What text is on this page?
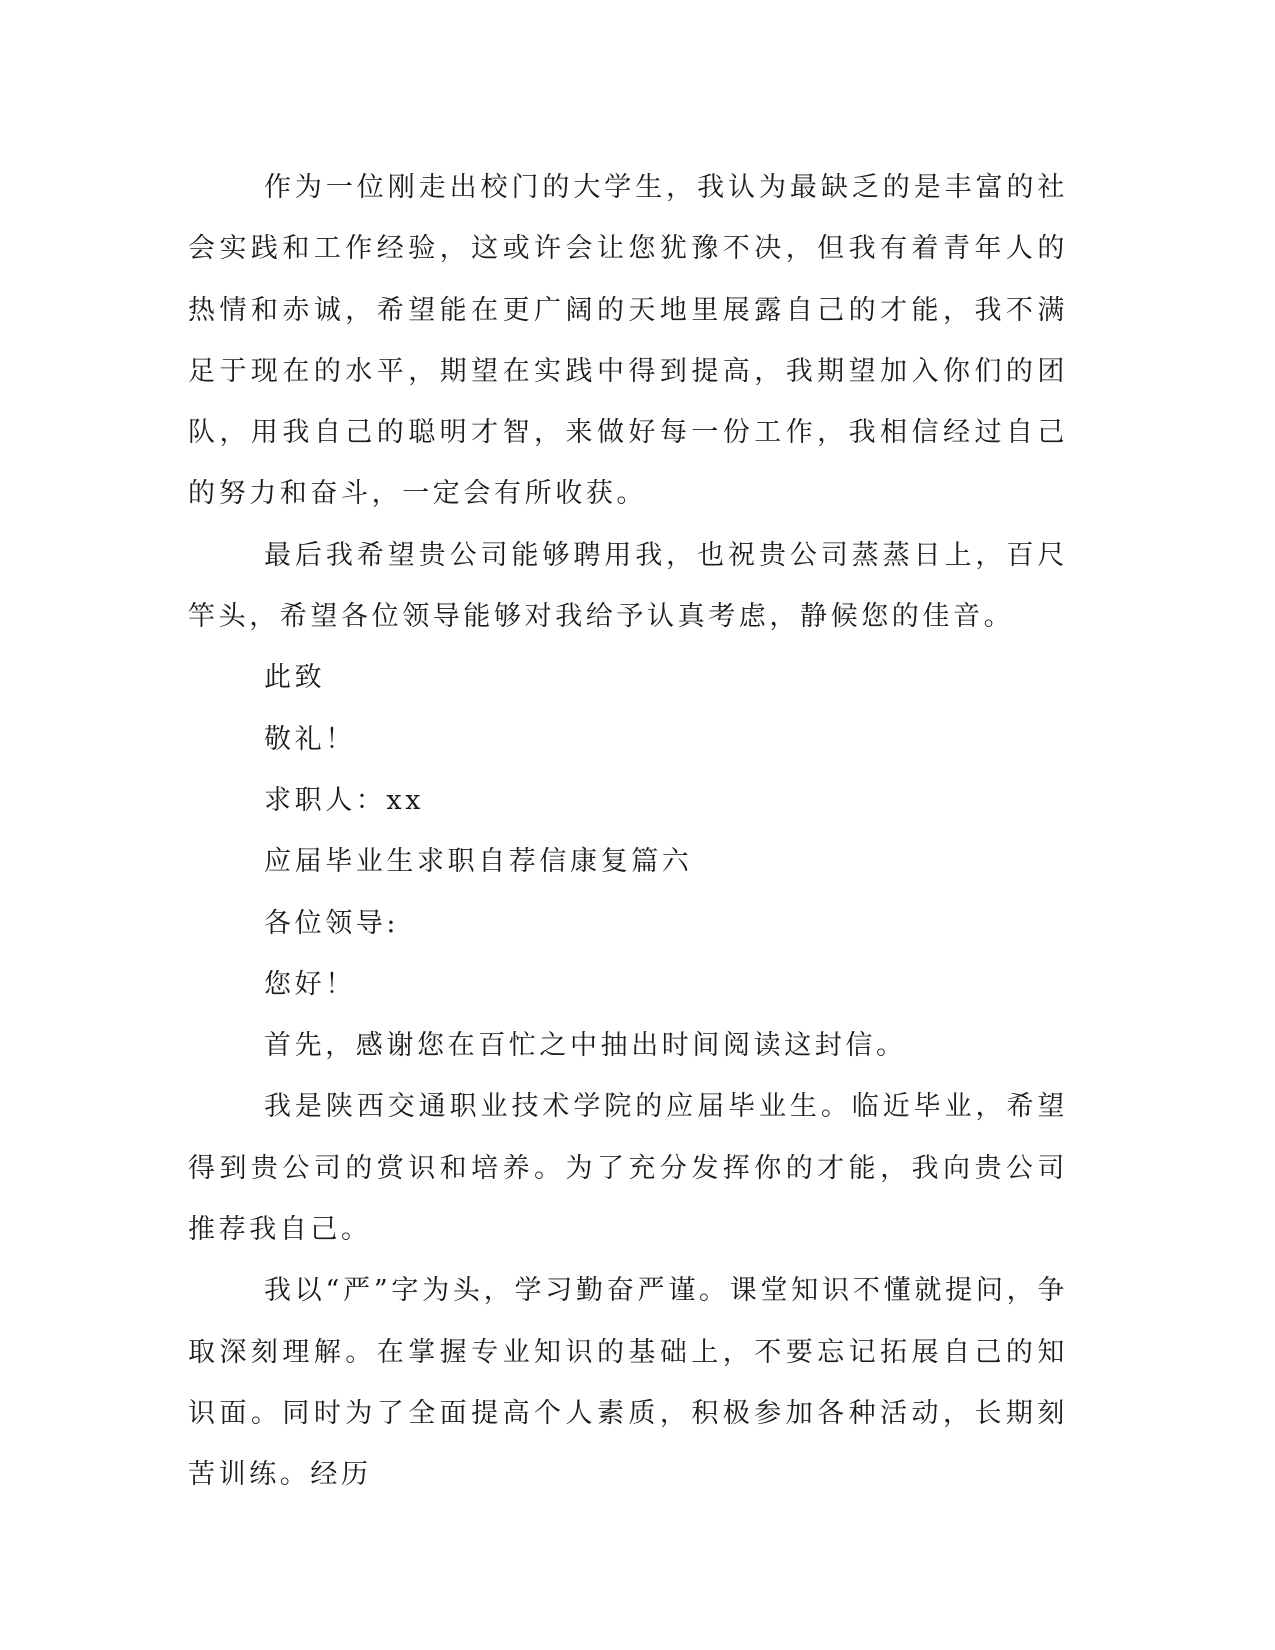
作为一位刚走出校门的大学生，我认为最缺乏的是丰富的社会实践和工作经验，这或许会让您犹豫不决，但我有着青年人的热情和赤诚，希望能在更广阔的天地里展露自己的才能，我不满足于现在的水平，期望在实践中得到提高，我期望加入你们的团队，用我自己的聪明才智，来做好每一份工作，我相信经过自己的努力和奋斗，一定会有所收获。

最后我希望贵公司能够聘用我，也祝贵公司蒸蒸日上，百尺竿头，希望各位领导能够对我给予认真考虑，静候您的佳音。

此致

敬礼！

求职人：xx

应届毕业生求职自荐信康复篇六

各位领导:

您好！

首先，感谢您在百忙之中抽出时间阅读这封信。

我是陕西交通职业技术学院的应届毕业生。临近毕业，希望得到贵公司的赏识和培养。为了充分发挥你的才能，我向贵公司推荐我自己。

我以“严”字为头，学习勤奋严谨。课堂知识不懂就提问，争取深刻理解。在掌握专业知识的基础上，不要忘记拓展自己的知识面。同时为了全面提高个人素质，积极参加各种活动，长期刻苦训练。经历
